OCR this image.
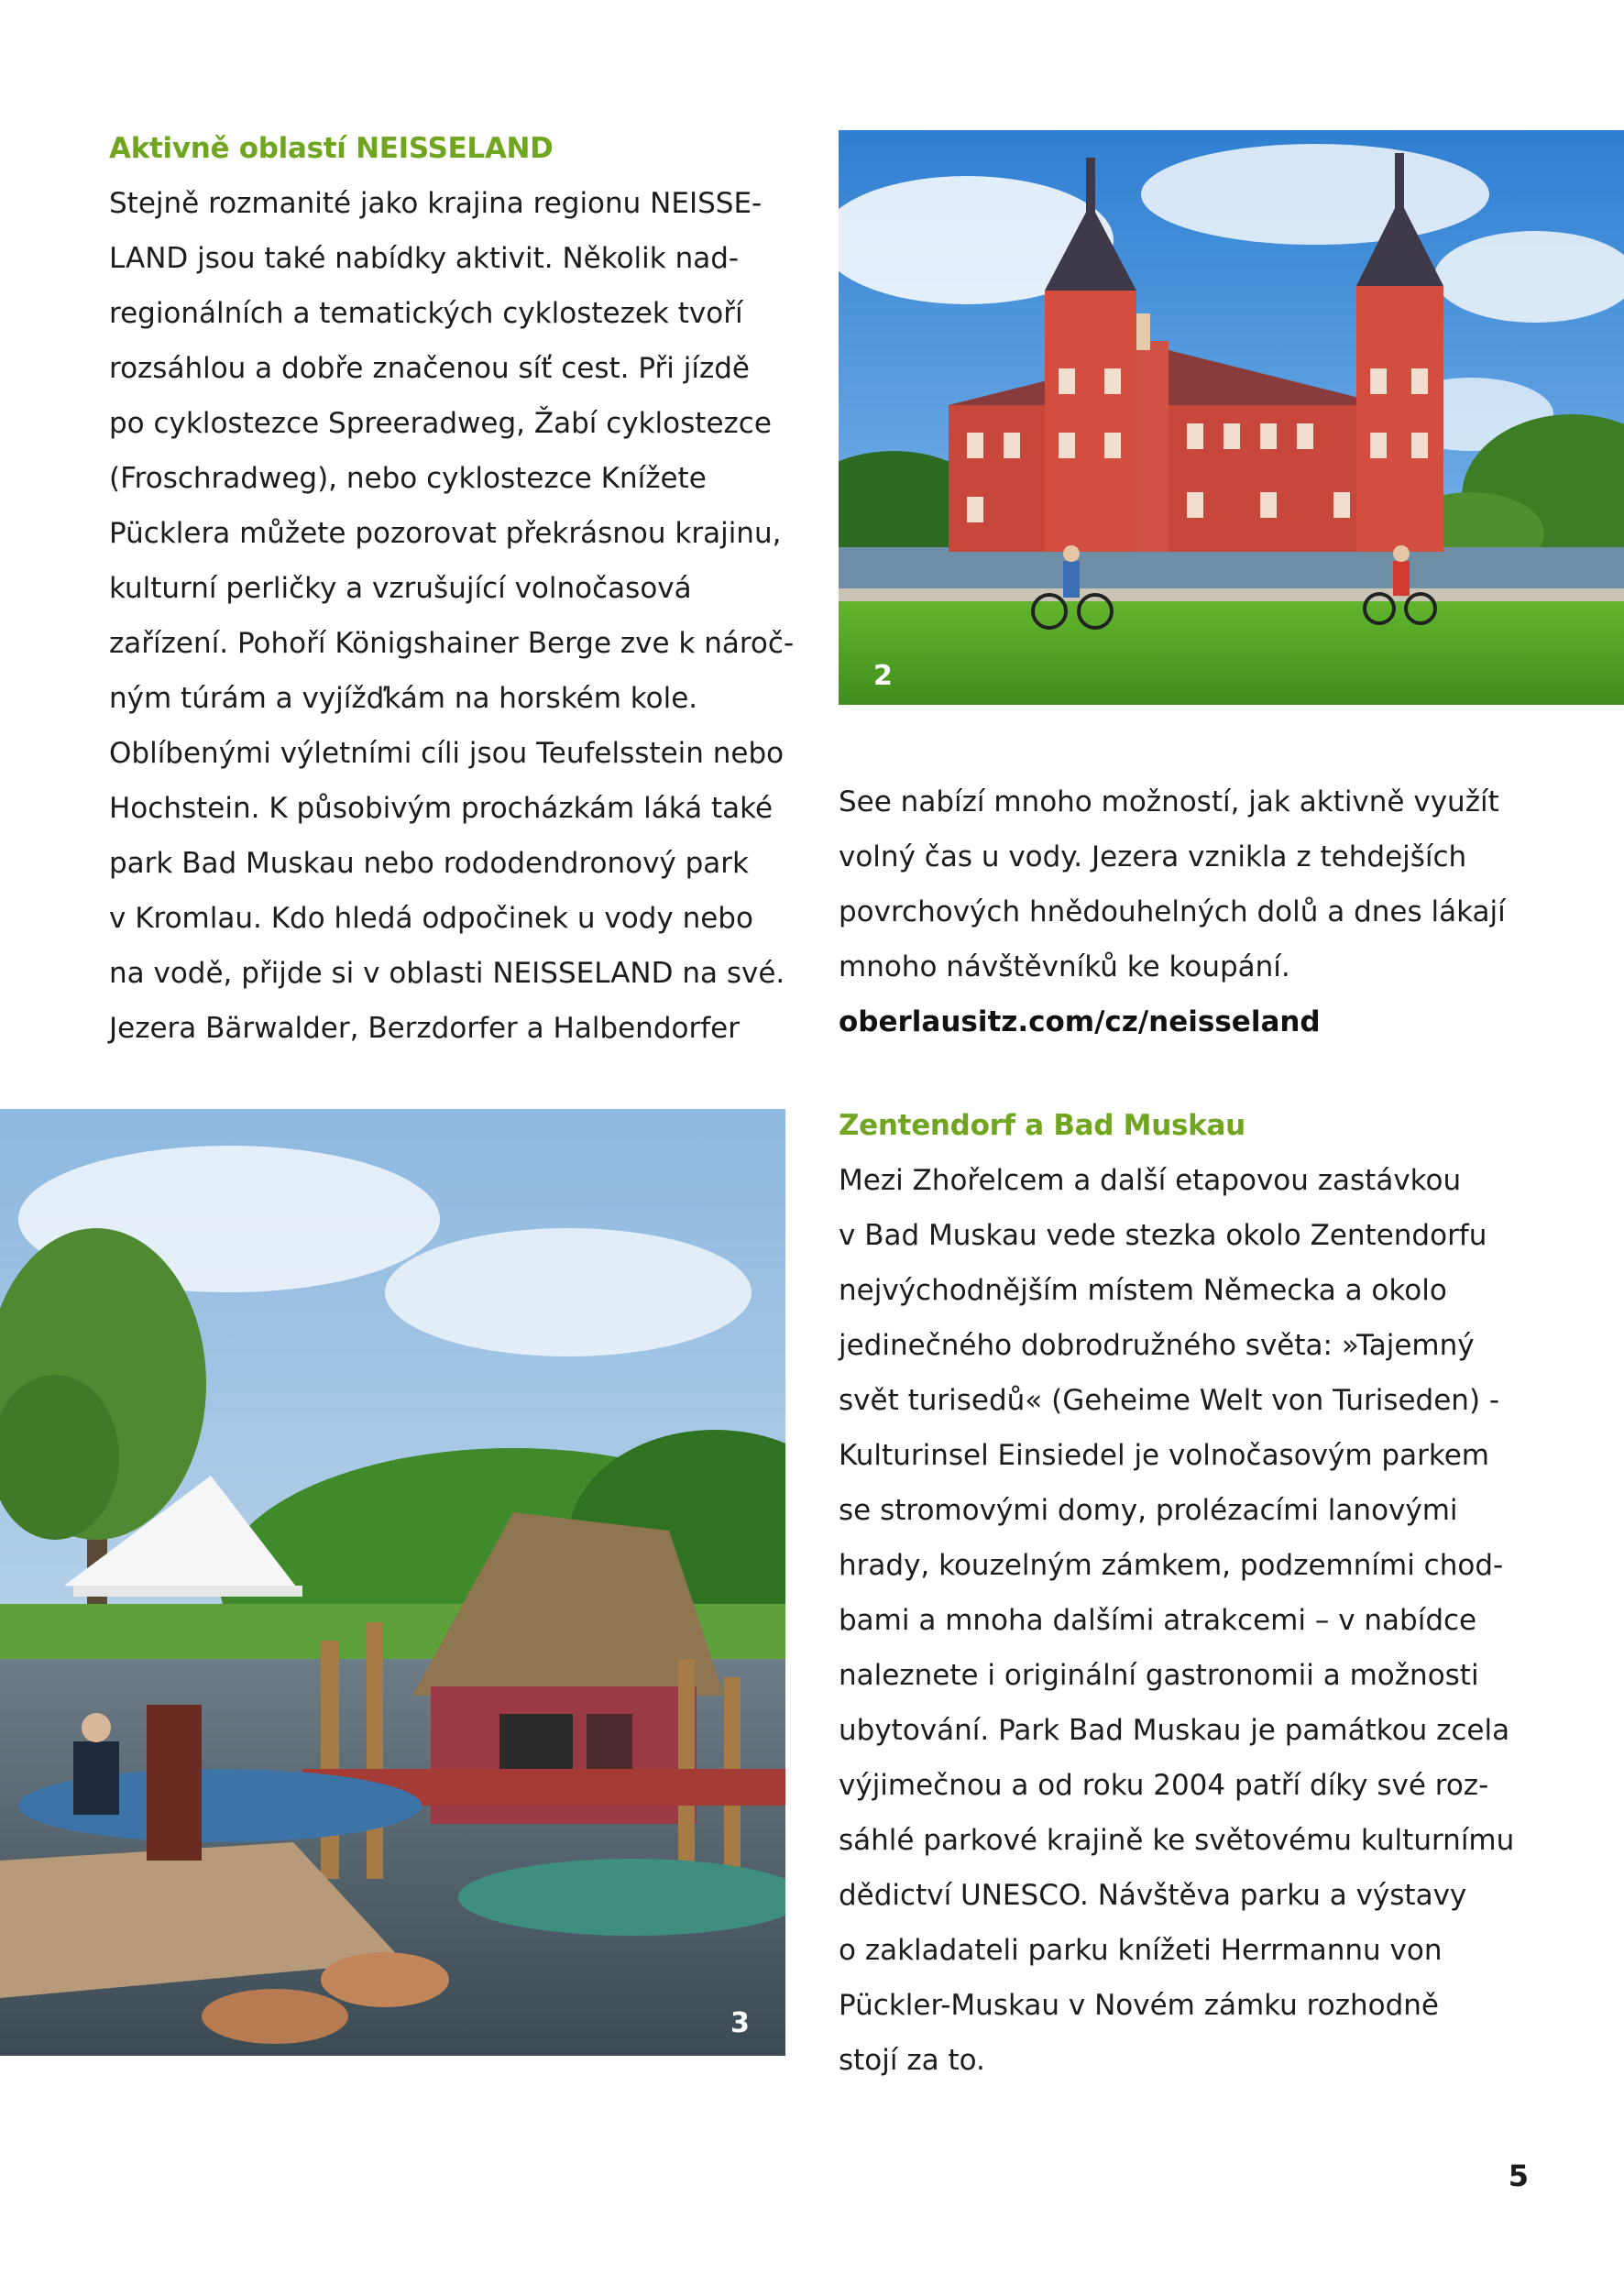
Aktivně oblastí NEISSELAND

Stejně rozmanité jako krajina regionu NEISSE-
LAND jsou také nabídky aktivit. Několik nad-
regionálních a tematických cyklostezek tvoří
rozsáhlou a dobře značenou síť cest. Při jízdě
po cyklostezce Spreeradweg, Žabí cyklostezce
(Froschradweg), nebo cyklostezce Knížete
Pücklera můžete pozorovat překrásnou krajinu,
kulturní perličky a vzrušující volnočasová
zařízení. Pohoří Königshainer Berge zve k nároč-
ným túrám a vyjížďkám na horském kole.
Oblíbenými výletními cíli jsou Teufelsstein nebo
Hochstein. K působivým procházkám láká také
park Bad Muskau nebo rododendronový park
v Kromlau. Kdo hledá odpočinek u vody nebo
na vodě, přijde si v oblasti NEISSELAND na své.
Jezera Bärwalder, Berzdorfer a Halbendorfer

See nabízí mnoho možností, jak aktivně využít
volný čas u vody. Jezera vznikla z tehdejších
povrchových hnědouhelných dolů a dnes lákají
mnoho návštěvníků ke koupání.

oberlausitz.com/cz/neisseland
2
3
Zentendorf a Bad Muskau

Mezi Zhořelcem a další etapovou zastávkou
v Bad Muskau vede stezka okolo Zentendorfu
nejvýchodnějším místem Německa a okolo
jedinečného dobrodružného světa: »Tajemný
svět turisedů« (Geheime Welt von Turiseden) -
Kulturinsel Einsiedel je volnočasovým parkem
se stromovými domy, prolézacími lanovými
hrady, kouzelným zámkem, podzemními chod-
bami a mnoha dalšími atrakcemi – v nabídce
naleznete i originální gastronomii a možnosti
ubytování. Park Bad Muskau je památkou zcela
výjimečnou a od roku 2004 patří díky své roz-
sáhlé parkové krajině ke světovému kulturnímu
dědictví UNESCO. Návštěva parku a výstavy
o zakladateli parku knížeti Herrmannu von
Pückler-Muskau v Novém zámku rozhodně
stojí za to.

5
